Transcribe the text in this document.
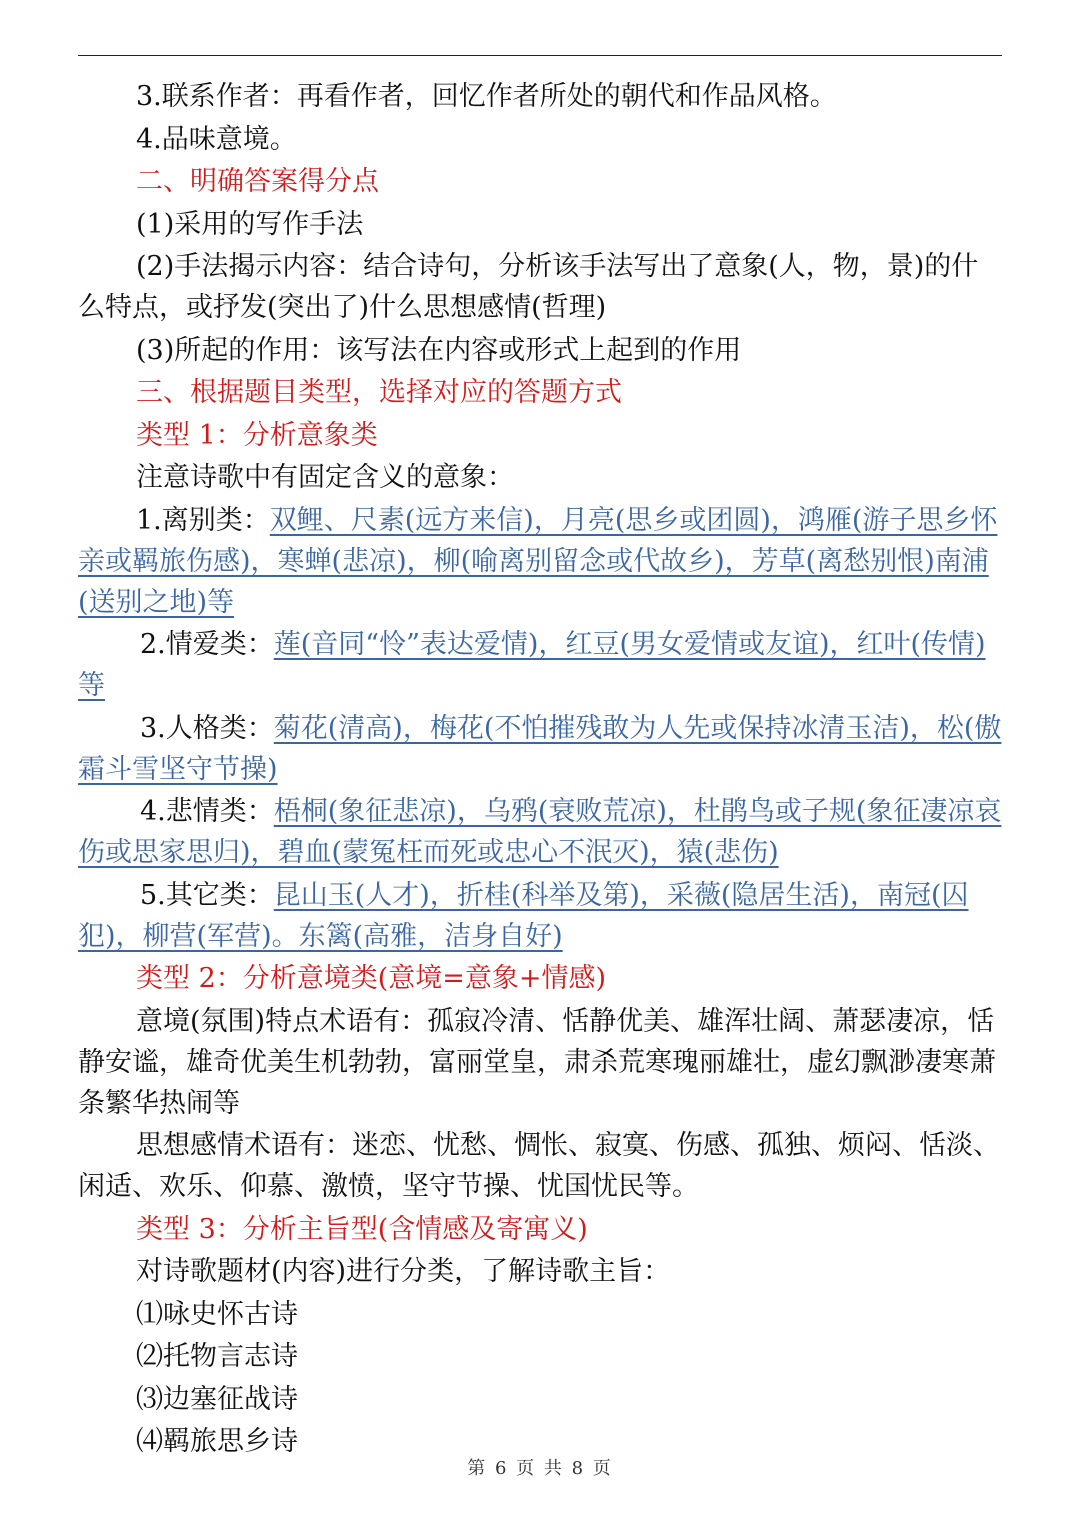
3.联系作者：再看作者，回忆作者所处的朝代和作品风格。

4.品味意境。

二、明确答案得分点

(1)采用的写作手法

(2)手法揭示内容：结合诗句，分析该手法写出了意象(人，物，景)的什么特点，或抒发(突出了)什么思想感情(哲理)

(3)所起的作用：该写法在内容或形式上起到的作用

三、根据题目类型，选择对应的答题方式

类型 1：分析意象类

注意诗歌中有固定含义的意象：

1.离别类：双鲤、尺素(远方来信)，月亮(思乡或团圆)，鸿雁(游子思乡怀亲或羁旅伤感)，寒蝉(悲凉)，柳(喻离别留念或代故乡)，芳草(离愁别恨)南浦(送别之地)等

2.情爱类：莲(音同“怜”表达爱情)，红豆(男女爱情或友谊)，红叶(传情)等

3.人格类：菊花(清高)，梅花(不怕摧残敢为人先或保持冰清玉洁)，松(傲霜斗雪坚守节操)

4.悲情类：梧桐(象征悲凉)，乌鸦(衰败荒凉)，杜鹃鸟或子规(象征凄凉哀伤或思家思归)，碧血(蒙冤枉而死或忠心不泯灭)，猿(悲伤)

5.其它类：昆山玉(人才)，折桂(科举及第)，采薇(隐居生活)，南冠(囚犯)，柳营(军营)。东篱(高雅，洁身自好)

类型 2：分析意境类(意境=意象+情感)

意境(氛围)特点术语有：孤寂冷清、恬静优美、雄浑壮阔、萧瑟凄凉，恬静安谧，雄奇优美生机勃勃，富丽堂皇，肃杀荒寒瑰丽雄壮，虚幻飘渺凄寒萧条繁华热闹等

思想感情术语有：迷恋、忧愁、惆怅、寂寞、伤感、孤独、烦闷、恬淡、闲适、欢乐、仰慕、激愤，坚守节操、忧国忧民等。

类型 3：分析主旨型(含情感及寄寓义)

对诗歌题材(内容)进行分类，了解诗歌主旨：

⑴咏史怀古诗

⑵托物言志诗

⑶边塞征战诗

⑷羁旅思乡诗

第 6 页 共 8 页
